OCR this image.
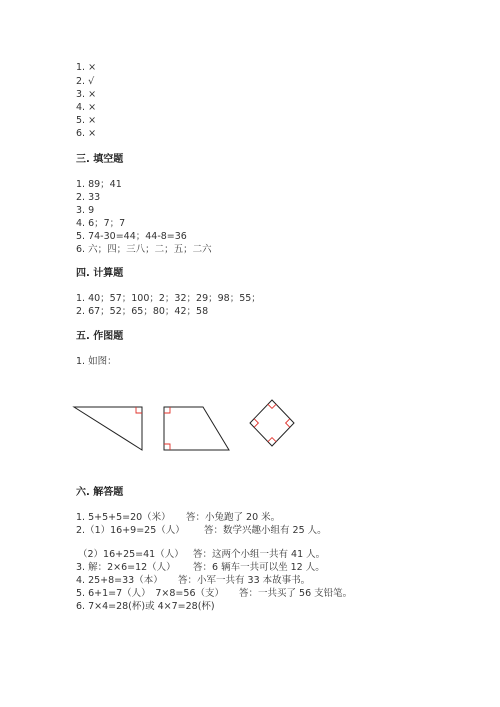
1. ×
2. √
3. ×
4. ×
5. ×
6. ×
三. 填空题
1. 89；41
2. 33
3. 9
4. 6；7；7
5. 74-30=44；44-8=36
6. 六；四；三八；二；五；二六
四. 计算题
1. 40；57；100；2；32；29；98；55；
2. 67；52；65；80；42；58
五. 作图题
1. 如图：
六. 解答题
1. 5+5+5=20（米） 答：小兔跑了 20 米。
2.（1）16+9=25（人） 答：数学兴趣小组有 25 人。
（2）16+25=41（人） 答：这两个小组一共有 41 人。
3. 解：2×6=12（人） 答：6 辆车一共可以坐 12 人。
4. 25+8=33（本） 答：小军一共有 33 本故事书。
5. 6+1=7（人）　7×8=56（支） 答：一共买了 56 支铅笔。
6. 7×4=28(杯)或 4×7=28(杯)
